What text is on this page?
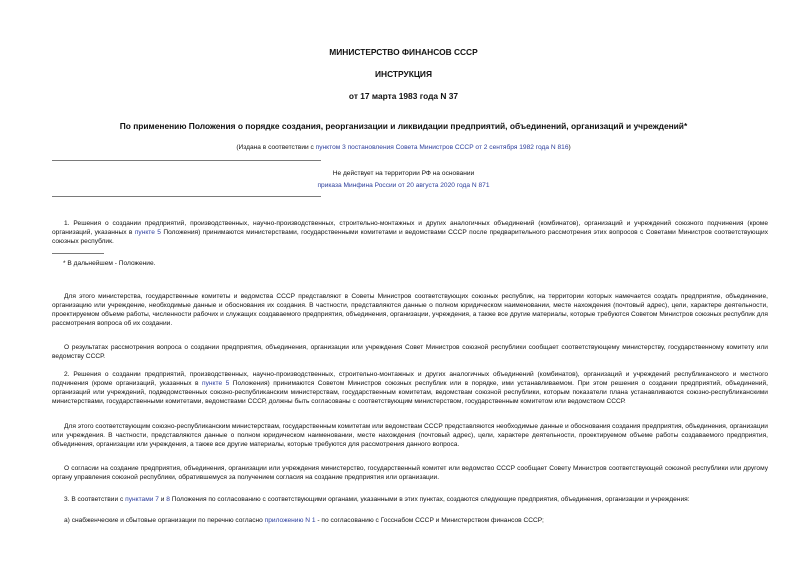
МИНИСТЕРСТВО ФИНАНСОВ СССР
ИНСТРУКЦИЯ
от 17 марта 1983 года N 37
По применению Положения о порядке создания, реорганизации и ликвидации предприятий, объединений, организаций и учреждений*
(Издана в соответствии с пунктом 3 постановления Совета Министров СССР от 2 сентября 1982 года N 816)
Не действует на территории РФ на основании
приказа Минфина России от 20 августа 2020 года N 871
1. Решения о создании предприятий, производственных, научно-производственных, строительно-монтажных и других аналогичных объединений (комбинатов), организаций и учреждений союзного подчинения (кроме организаций, указанных в пункте 5 Положения) принимаются министерствами, государственными комитетами и ведомствами СССР после предварительного рассмотрения этих вопросов с Советами Министров соответствующих союзных республик.
* В дальнейшем - Положение.
Для этого министерства, государственные комитеты и ведомства СССР представляют в Советы Министров соответствующих союзных республик, на территории которых намечается создать предприятие, объединение, организацию или учреждение, необходимые данные и обоснования их создания. В частности, представляются данные о полном юридическом наименовании, месте нахождения (почтовый адрес), цели, характере деятельности, проектируемом объеме работы, численности рабочих и служащих создаваемого предприятия, объединения, организации, учреждения, а также все другие материалы, которые требуются Советом Министров союзных республик для рассмотрения вопроса об их создании.
О результатах рассмотрения вопроса о создании предприятия, объединения, организации или учреждения Совет Министров союзной республики сообщает соответствующему министерству, государственному комитету или ведомству СССР.
2. Решения о создании предприятий, производственных, научно-производственных, строительно-монтажных и других аналогичных объединений (комбинатов), организаций и учреждений республиканского и местного подчинения (кроме организаций, указанных в пункте 5 Положения) принимаются Советом Министров союзных республик или в порядке, ими устанавливаемом. При этом решения о создании предприятий, объединений, организаций или учреждений, подведомственных союзно-республиканским министерствам, государственным комитетам, ведомствам союзной республики, которым показатели плана устанавливаются союзно-республиканскими министерствами, государственными комитетами, ведомствами СССР, должны быть согласованы с соответствующим министерством, государственным комитетом или ведомством СССР.
Для этого соответствующим союзно-республиканским министерствам, государственным комитетам или ведомствам СССР представляются необходимые данные и обоснования создания предприятия, объединения, организации или учреждения. В частности, представляются данные о полном юридическом наименовании, месте нахождения (почтовый адрес), цели, характере деятельности, проектируемом объеме работы создаваемого предприятия, объединения, организации или учреждения, а также все другие материалы, которые требуются для рассмотрения данного вопроса.
О согласии на создание предприятия, объединения, организации или учреждения министерство, государственный комитет или ведомство СССР сообщает Совету Министров соответствующей союзной республики или другому органу управления союзной республики, обратившемуся за получением согласия на создание предприятия или организации.
3. В соответствии с пунктами 7 и 8 Положения по согласованию с соответствующими органами, указанными в этих пунктах, создаются следующие предприятия, объединения, организации и учреждения:
а) снабженческие и сбытовые организации по перечню согласно приложению N 1 - по согласованию с Госснабом СССР и Министерством финансов СССР;
